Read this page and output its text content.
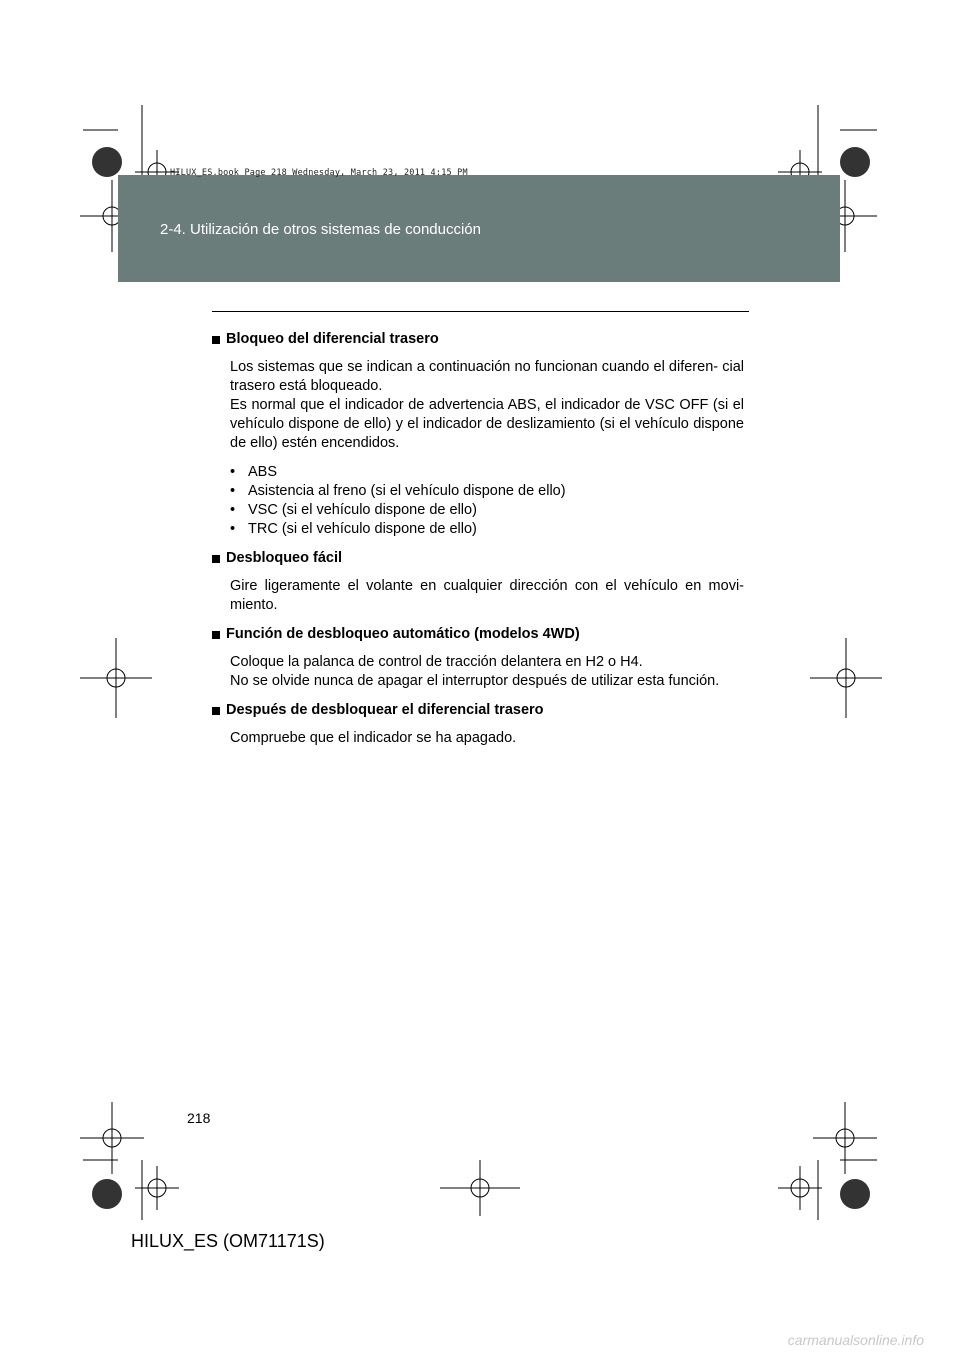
2-4. Utilización de otros sistemas de conducción
HILUX_ES.book Page 218 Wednesday, March 23, 2011 4:15 PM
Bloqueo del diferencial trasero

Los sistemas que se indican a continuación no funcionan cuando el diferen- cial trasero está bloqueado.

Es normal que el indicador de advertencia ABS, el indicador de VSC OFF (si el vehículo dispone de ello) y el indicador de deslizamiento (si el vehículo dispone de ello) estén encendidos.

• ABS
• Asistencia al freno (si el vehículo dispone de ello)
• VSC (si el vehículo dispone de ello)
• TRC (si el vehículo dispone de ello)
Desbloqueo fácil

Gire ligeramente el volante en cualquier dirección con el vehículo en movi- miento.

Función de desbloqueo automático (modelos 4WD)

Coloque la palanca de control de tracción delantera en H2 o H4.

No se olvide nunca de apagar el interruptor después de utilizar esta función.

Después de desbloquear el diferencial trasero

Compruebe que el indicador se ha apagado.

218
HILUX_ES (OM71171S)
carmanualsonline.info
